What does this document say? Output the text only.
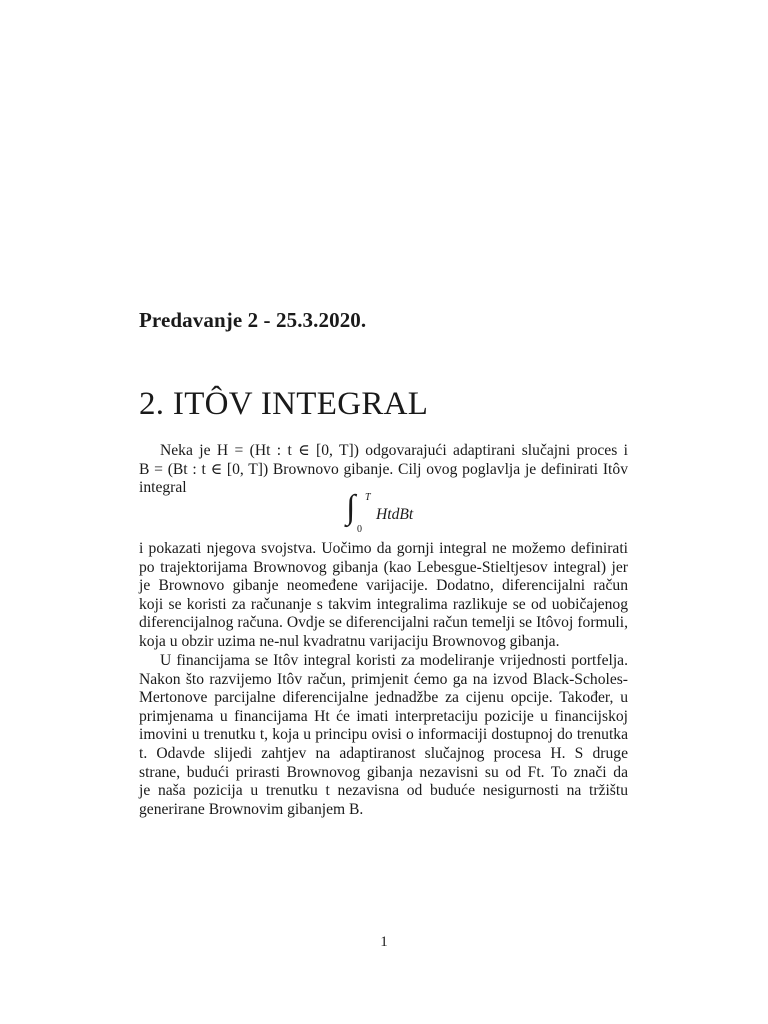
Predavanje 2 - 25.3.2020.
2. ITÔV INTEGRAL
Neka je H = (Ht : t ∈ [0, T]) odgovarajući adaptirani slučajni proces i
B = (Bt : t ∈ [0, T]) Brownovo gibanje. Cilj ovog poglavlja je definirati Itôv
integral
∫ T
0
HtdBt
i pokazati njegova svojstva. Uočimo da gornji integral ne možemo definirati
po trajektorijama Brownovog gibanja (kao Lebesgue-Stieltjesov integral) jer
je Brownovo gibanje neomeđene varijacije. Dodatno, diferencijalni račun
koji se koristi za računanje s takvim integralima razlikuje se od uobičajenog
diferencijalnog računa. Ovdje se diferencijalni račun temelji se Itôvoj formuli,
koja u obzir uzima ne-nul kvadratnu varijaciju Brownovog gibanja.
U financijama se Itôv integral koristi za modeliranje vrijednosti portfelja.
Nakon što razvijemo Itôv račun, primjenit ćemo ga na izvod Black-Scholes-
Mertonove parcijalne diferencijalne jednadžbe za cijenu opcije. Također, u
primjenama u financijama Ht će imati interpretaciju pozicije u financijskoj
imovini u trenutku t, koja u principu ovisi o informaciji dostupnoj do trenutka
t. Odavde slijedi zahtjev na adaptiranost slučajnog procesa H. S druge
strane, budući prirasti Brownovog gibanja nezavisni su od Ft. To znači da
je naša pozicija u trenutku t nezavisna od buduće nesigurnosti na tržištu
generirane Brownovim gibanjem B.
1
